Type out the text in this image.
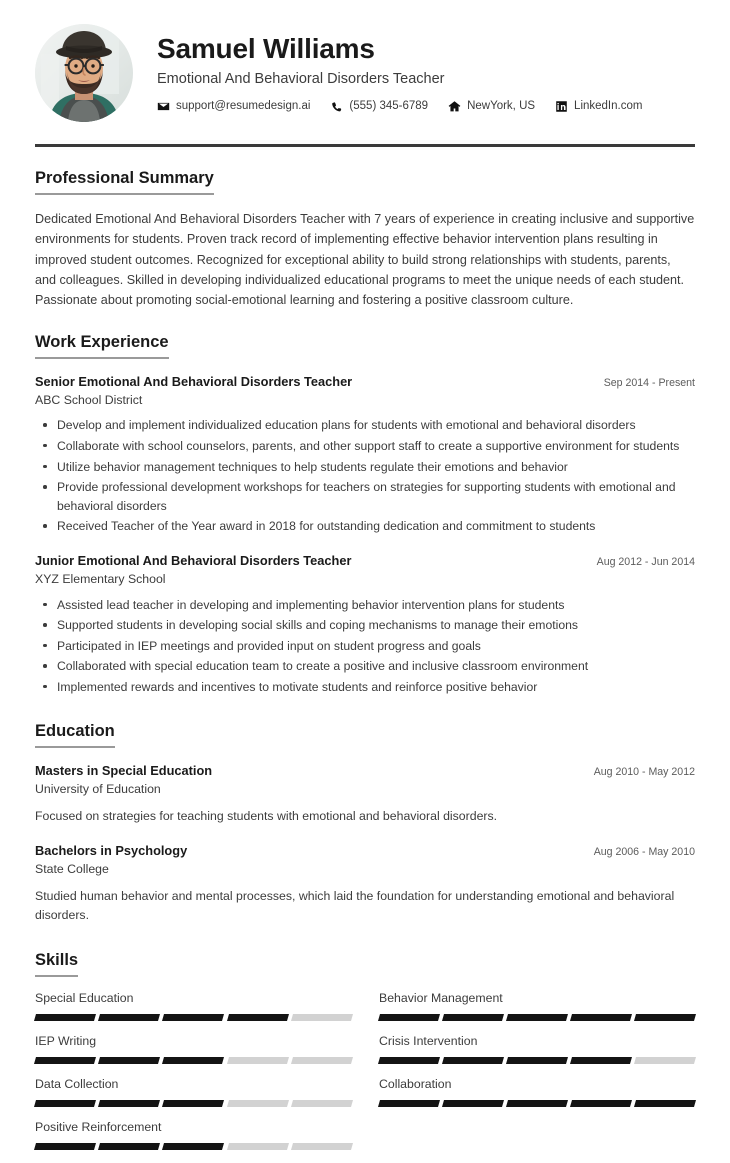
Samuel Williams
Emotional And Behavioral Disorders Teacher
support@resumedesign.ai	(555) 345-6789	NewYork, US	LinkedIn.com
Professional Summary
Dedicated Emotional And Behavioral Disorders Teacher with 7 years of experience in creating inclusive and supportive environments for students. Proven track record of implementing effective behavior intervention plans resulting in improved student outcomes. Recognized for exceptional ability to build strong relationships with students, parents, and colleagues. Skilled in developing individualized educational programs to meet the unique needs of each student. Passionate about promoting social-emotional learning and fostering a positive classroom culture.
Work Experience
Senior Emotional And Behavioral Disorders Teacher	Sep 2014 - Present
ABC School District
Develop and implement individualized education plans for students with emotional and behavioral disorders
Collaborate with school counselors, parents, and other support staff to create a supportive environment for students
Utilize behavior management techniques to help students regulate their emotions and behavior
Provide professional development workshops for teachers on strategies for supporting students with emotional and behavioral disorders
Received Teacher of the Year award in 2018 for outstanding dedication and commitment to students
Junior Emotional And Behavioral Disorders Teacher	Aug 2012 - Jun 2014
XYZ Elementary School
Assisted lead teacher in developing and implementing behavior intervention plans for students
Supported students in developing social skills and coping mechanisms to manage their emotions
Participated in IEP meetings and provided input on student progress and goals
Collaborated with special education team to create a positive and inclusive classroom environment
Implemented rewards and incentives to motivate students and reinforce positive behavior
Education
Masters in Special Education	Aug 2010 - May 2012
University of Education
Focused on strategies for teaching students with emotional and behavioral disorders.
Bachelors in Psychology	Aug 2006 - May 2010
State College
Studied human behavior and mental processes, which laid the foundation for understanding emotional and behavioral disorders.
Skills
Special Education	Behavior Management
IEP Writing	Crisis Intervention
Data Collection	Collaboration
Positive Reinforcement
